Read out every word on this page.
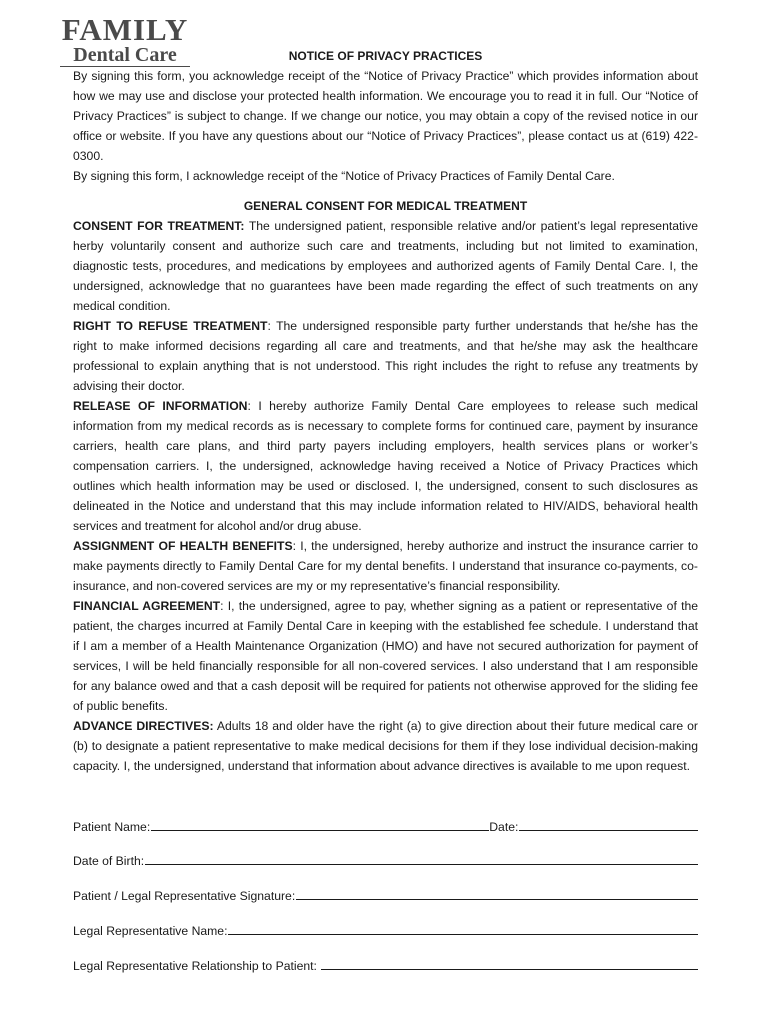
FAMILY
Dental Care	NOTICE OF PRIVACY PRACTICES

By signing this form, you acknowledge receipt of the “Notice of Privacy Practice” which provides information about how we may use and disclose your protected health information. We encourage you to read it in full. Our “Notice of Privacy Practices” is subject to change. If we change our notice, you may obtain a copy of the revised notice in our office or website. If you have any questions about our “Notice of Privacy Practices”, please contact us at (619) 422-0300.

By signing this form, I acknowledge receipt of the “Notice of Privacy Practices of Family Dental Care.

GENERAL CONSENT FOR MEDICAL TREATMENT

CONSENT FOR TREATMENT: The undersigned patient, responsible relative and/or patient’s legal representative herby voluntarily consent and authorize such care and treatments, including but not limited to examination, diagnostic tests, procedures, and medications by employees and authorized agents of Family Dental Care. I, the undersigned, acknowledge that no guarantees have been made regarding the effect of such treatments on any medical condition.

RIGHT TO REFUSE TREATMENT: The undersigned responsible party further understands that he/she has the right to make informed decisions regarding all care and treatments, and that he/she may ask the healthcare professional to explain anything that is not understood. This right includes the right to refuse any treatments by advising their doctor.

RELEASE OF INFORMATION: I hereby authorize Family Dental Care employees to release such medical information from my medical records as is necessary to complete forms for continued care, payment by insurance carriers, health care plans, and third party payers including employers, health services plans or worker’s compensation carriers. I, the undersigned, acknowledge having received a Notice of Privacy Practices which outlines which health information may be used or disclosed. I, the undersigned, consent to such disclosures as delineated in the Notice and understand that this may include information related to HIV/AIDS, behavioral health services and treatment for alcohol and/or drug abuse.

ASSIGNMENT OF HEALTH BENEFITS: I, the undersigned, hereby authorize and instruct the insurance carrier to make payments directly to Family Dental Care for my dental benefits. I understand that insurance co-payments, co-insurance, and non-covered services are my or my representative’s financial responsibility.

FINANCIAL AGREEMENT: I, the undersigned, agree to pay, whether signing as a patient or representative of the patient, the charges incurred at Family Dental Care in keeping with the established fee schedule. I understand that if I am a member of a Health Maintenance Organization (HMO) and have not secured authorization for payment of services, I will be held financially responsible for all non-covered services. I also understand that I am responsible for any balance owed and that a cash deposit will be required for patients not otherwise approved for the sliding fee of public benefits.

ADVANCE DIRECTIVES: Adults 18 and older have the right (a) to give direction about their future medical care or (b) to designate a patient representative to make medical decisions for them if they lose individual decision-making capacity. I, the undersigned, understand that information about advance directives is available to me upon request.

Patient Name:	Date:
Date of Birth:
Patient / Legal Representative Signature:
Legal Representative Name:
Legal Representative Relationship to Patient:
